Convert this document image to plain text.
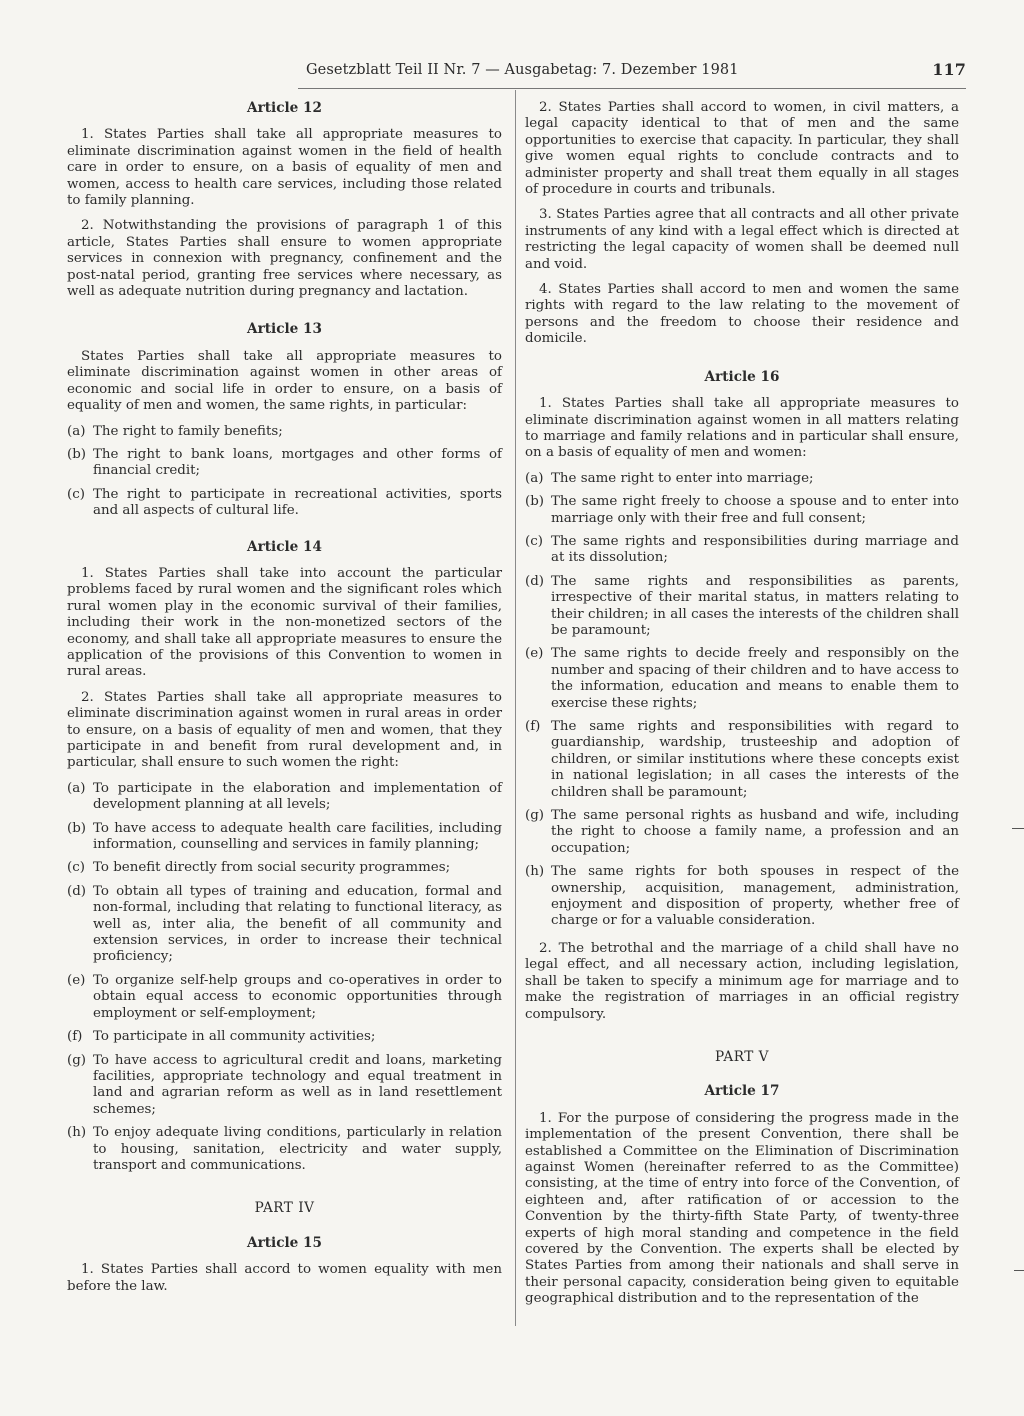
Gesetzblatt Teil II Nr. 7 — Ausgabetag: 7. Dezember 1981	117
Article 12

1. States Parties shall take all appropriate measures to eliminate discrimination against women in the field of health care in order to ensure, on a basis of equality of men and women, access to health care services, including those related to family planning.

2. Notwithstanding the provisions of paragraph 1 of this article, States Parties shall ensure to women appropriate services in connexion with pregnancy, confinement and the post-natal period, granting free services where necessary, as well as adequate nutrition during pregnancy and lactation.

Article 13

States Parties shall take all appropriate measures to eliminate discrimination against women in other areas of economic and social life in order to ensure, on a basis of equality of men and women, the same rights, in particular:

(a) The right to family benefits;
(b) The right to bank loans, mortgages and other forms of financial credit;
(c) The right to participate in recreational activities, sports and all aspects of cultural life.
Article 14

1. States Parties shall take into account the particular problems faced by rural women and the significant roles which rural women play in the economic survival of their families, including their work in the non-monetized sectors of the economy, and shall take all appropriate measures to ensure the application of the provisions of this Convention to women in rural areas.

2. States Parties shall take all appropriate measures to eliminate discrimination against women in rural areas in order to ensure, on a basis of equality of men and women, that they participate in and benefit from rural development and, in particular, shall ensure to such women the right:

(a) To participate in the elaboration and implementation of development planning at all levels;
(b) To have access to adequate health care facilities, including information, counselling and services in family planning;
(c) To benefit directly from social security programmes;
(d) To obtain all types of training and education, formal and non-formal, including that relating to functional literacy, as well as, inter alia, the benefit of all community and extension services, in order to increase their technical proficiency;
(e) To organize self-help groups and co-operatives in order to obtain equal access to economic opportunities through employment or self-employment;
(f) To participate in all community activities;
(g) To have access to agricultural credit and loans, marketing facilities, appropriate technology and equal treatment in land and agrarian reform as well as in land resettlement schemes;
(h) To enjoy adequate living conditions, particularly in relation to housing, sanitation, electricity and water supply, transport and communications.
PART IV
Article 15

1. States Parties shall accord to women equality with men before the law.

2. States Parties shall accord to women, in civil matters, a legal capacity identical to that of men and the same opportunities to exercise that capacity. In particular, they shall give women equal rights to conclude contracts and to administer property and shall treat them equally in all stages of procedure in courts and tribunals.

3. States Parties agree that all contracts and all other private instruments of any kind with a legal effect which is directed at restricting the legal capacity of women shall be deemed null and void.

4. States Parties shall accord to men and women the same rights with regard to the law relating to the movement of persons and the freedom to choose their residence and domicile.

Article 16

1. States Parties shall take all appropriate measures to eliminate discrimination against women in all matters relating to marriage and family relations and in particular shall ensure, on a basis of equality of men and women:

(a) The same right to enter into marriage;
(b) The same right freely to choose a spouse and to enter into marriage only with their free and full consent;
(c) The same rights and responsibilities during marriage and at its dissolution;
(d) The same rights and responsibilities as parents, irrespective of their marital status, in matters relating to their children; in all cases the interests of the children shall be paramount;
(e) The same rights to decide freely and responsibly on the number and spacing of their children and to have access to the information, education and means to enable them to exercise these rights;
(f) The same rights and responsibilities with regard to guardianship, wardship, trusteeship and adoption of children, or similar institutions where these concepts exist in national legislation; in all cases the interests of the children shall be paramount;
(g) The same personal rights as husband and wife, including the right to choose a family name, a profession and an occupation;
(h) The same rights for both spouses in respect of the ownership, acquisition, management, administration, enjoyment and disposition of property, whether free of charge or for a valuable consideration.

2. The betrothal and the marriage of a child shall have no legal effect, and all necessary action, including legislation, shall be taken to specify a minimum age for marriage and to make the registration of marriages in an official registry compulsory.

PART V
Article 17

1. For the purpose of considering the progress made in the implementation of the present Convention, there shall be established a Committee on the Elimination of Discrimination against Women (hereinafter referred to as the Committee) consisting, at the time of entry into force of the Convention, of eighteen and, after ratification of or accession to the Convention by the thirty-fifth State Party, of twenty-three experts of high moral standing and competence in the field covered by the Convention. The experts shall be elected by States Parties from among their nationals and shall serve in their personal capacity, consideration being given to equitable geographical distribution and to the representation of the
